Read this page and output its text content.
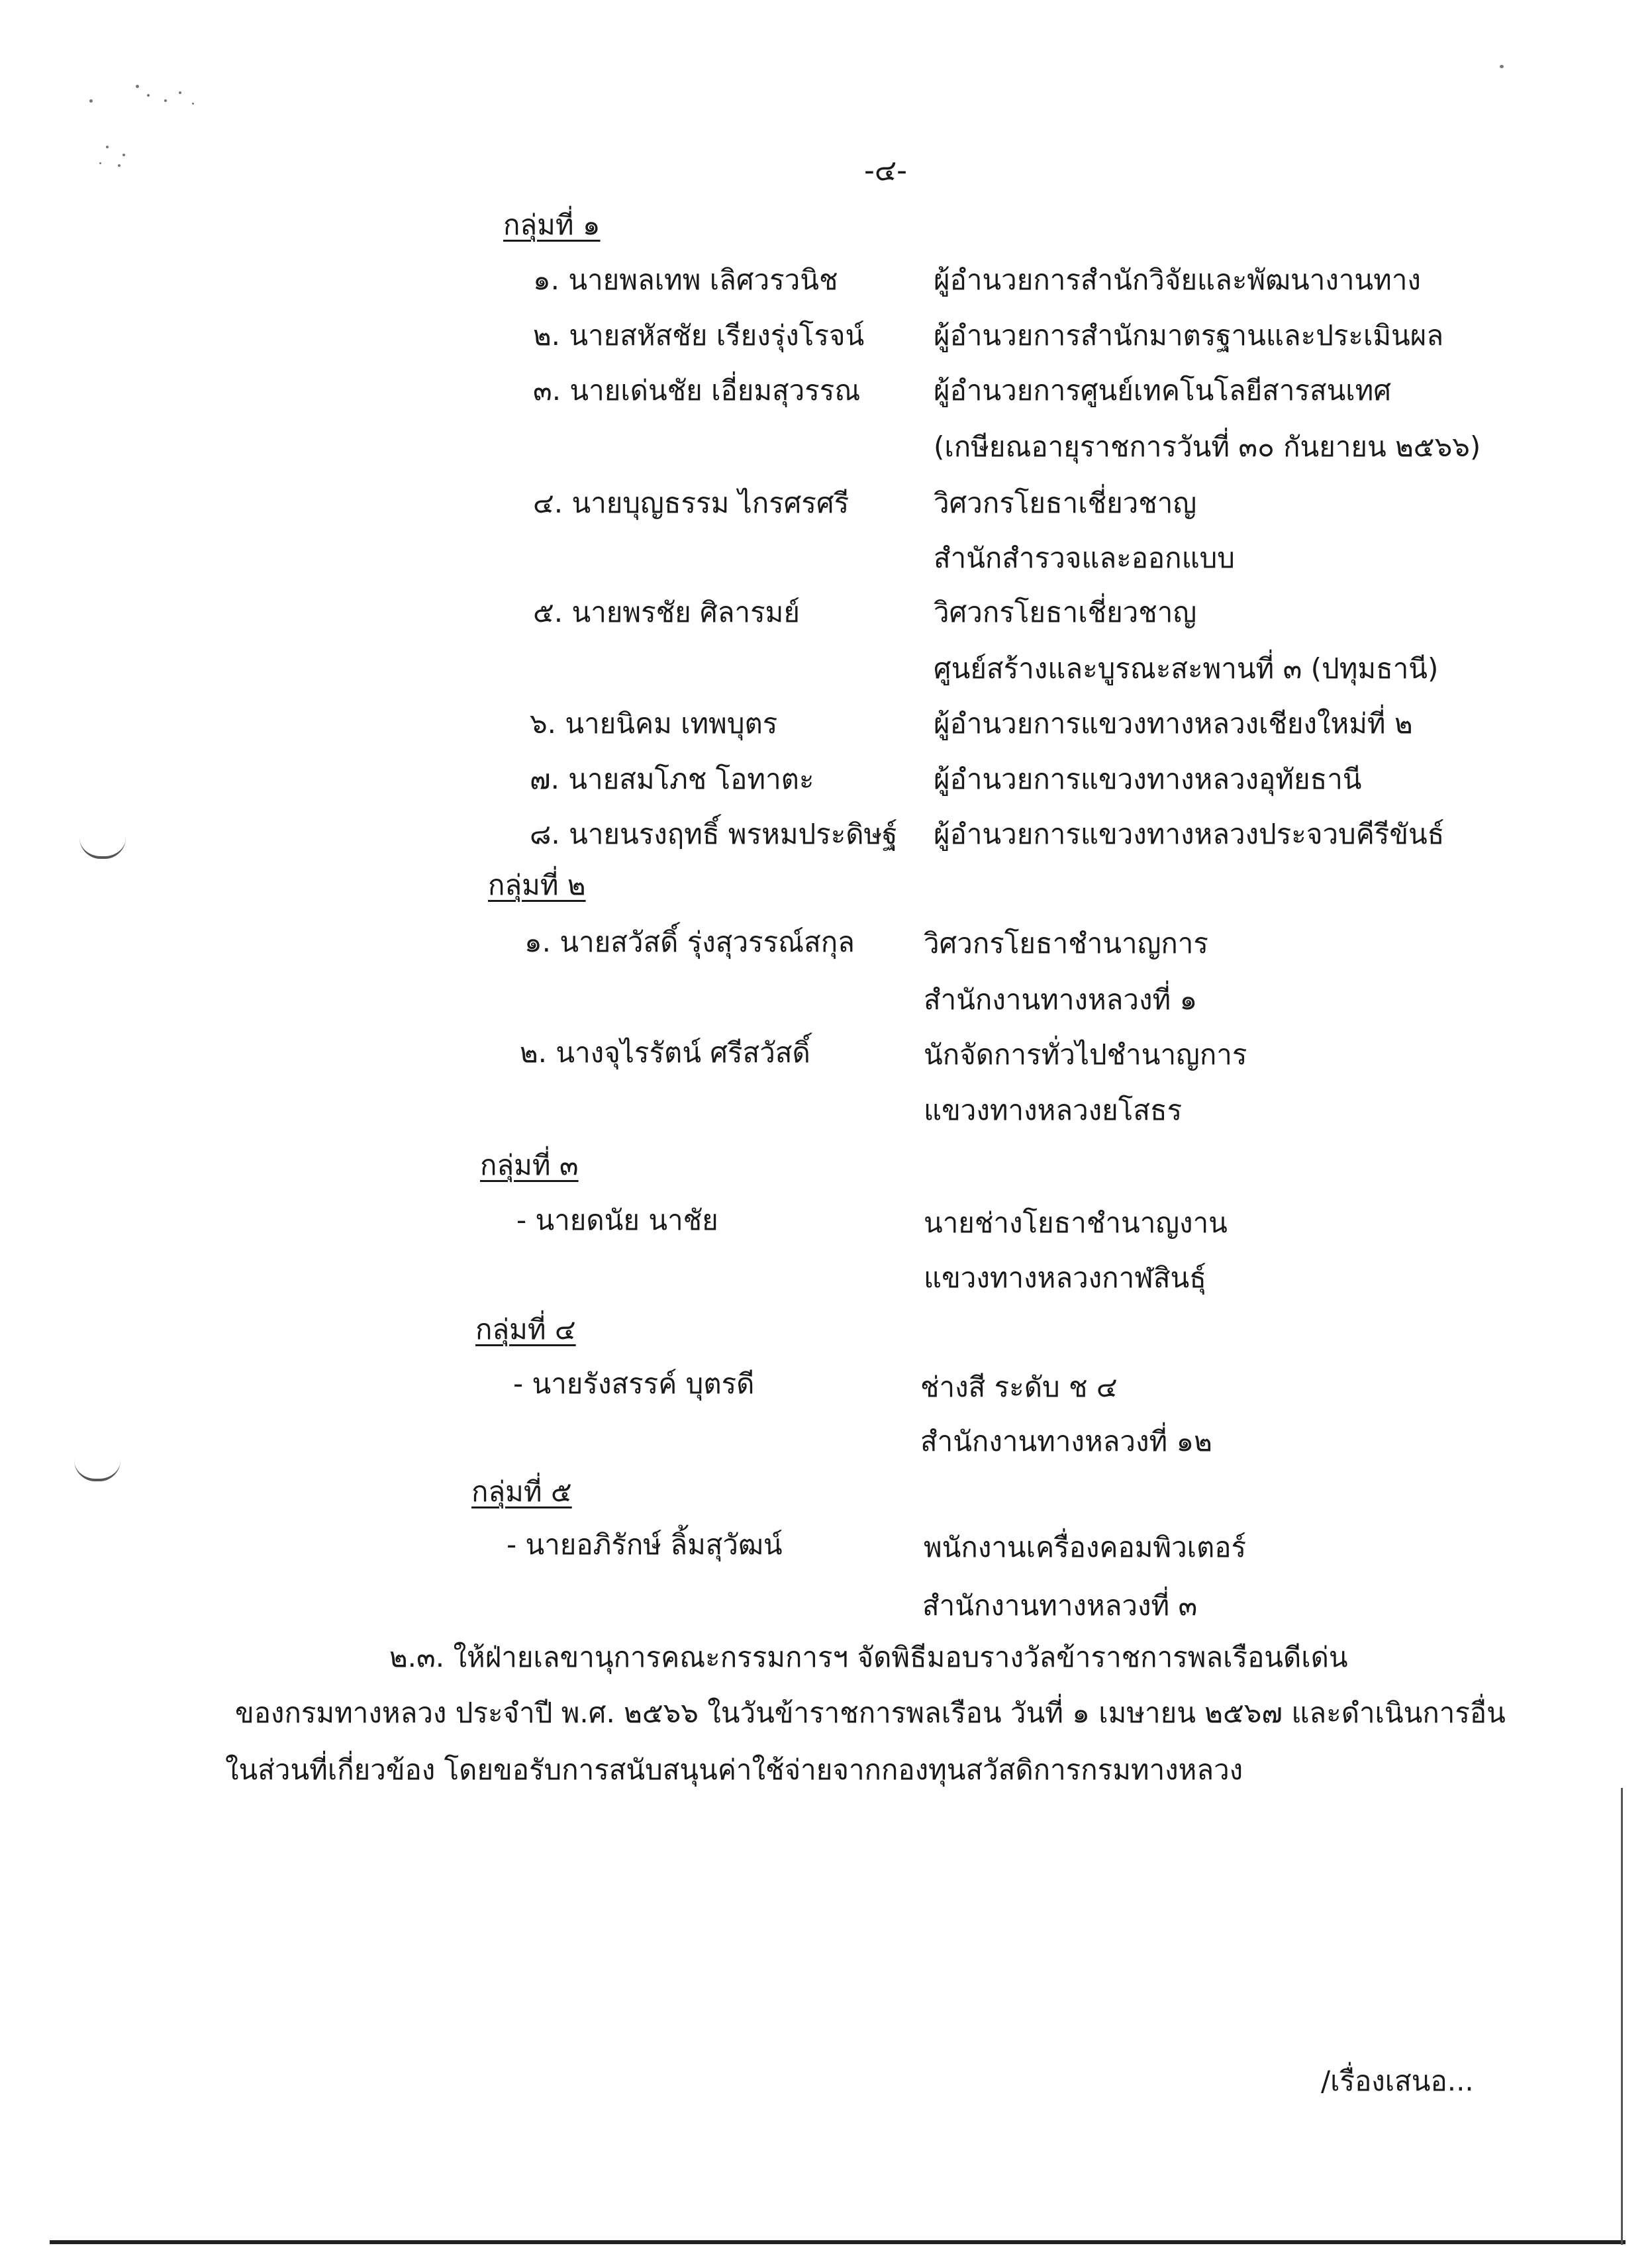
-๔-
กลุ่มที่ ๑
๑. นายพลเทพ เลิศวรวนิช	ผู้อำนวยการสำนักวิจัยและพัฒนางานทาง
๒. นายสหัสชัย เรียงรุ่งโรจน์ ผู้อำนวยการสำนักมาตรฐานและประเมินผล
๓. นายเด่นชัย เอี่ยมสุวรรณ	ผู้อำนวยการศูนย์เทคโนโลยีสารสนเทศ
(เกษียณอายุราชการวันที่ ๓๐ กันยายน ๒๕๖๖)
๔. นายบุญธรรม ไกรศรศรี	วิศวกรโยธาเชี่ยวชาญ
สำนักสำรวจและออกแบบ
๕. นายพรชัย ศิลารมย์	วิศวกรโยธาเชี่ยวชาญ
ศูนย์สร้างและบูรณะสะพานที่ ๓ (ปทุมธานี)
๖. นายนิคม เทพบุตร	ผู้อำนวยการแขวงทางหลวงเชียงใหม่ที่ ๒
๗. นายสมโภช โอทาตะ	ผู้อำนวยการแขวงทางหลวงอุทัยธานี
๘. นายนรงฤทธิ์ พรหมประดิษฐ์ ผู้อำนวยการแขวงทางหลวงประจวบคีรีขันธ์
กลุ่มที่ ๒
๑. นายสวัสดิ์ รุ่งสุวรรณ์สกุล วิศวกรโยธาชำนาญการ
สำนักงานทางหลวงที่ ๑
๒. นางจุไรรัตน์ ศรีสวัสดิ์	นักจัดการทั่วไปชำนาญการ
แขวงทางหลวงยโสธร
กลุ่มที่ ๓
- นายดนัย นาชัย	นายช่างโยธาชำนาญงาน
แขวงทางหลวงกาฬสินธุ์
กลุ่มที่ ๔
- นายรังสรรค์ บุตรดี	ช่างสี ระดับ ช ๔
สำนักงานทางหลวงที่ ๑๒
กลุ่มที่ ๕
- นายอภิรักษ์ ลิ้มสุวัฒน์	พนักงานเครื่องคอมพิวเตอร์
สำนักงานทางหลวงที่ ๓
๒.๓. ให้ฝ่ายเลขานุการคณะกรรมการฯ จัดพิธีมอบรางวัลข้าราชการพลเรือนดีเด่น
ของกรมทางหลวง ประจำปี พ.ศ. ๒๕๖๖ ในวันข้าราชการพลเรือน วันที่ ๑ เมษายน ๒๕๖๗ และดำเนินการอื่น
ในส่วนที่เกี่ยวข้อง โดยขอรับการสนับสนุนค่าใช้จ่ายจากกองทุนสวัสดิการกรมทางหลวง
/เรื่องเสนอ...
